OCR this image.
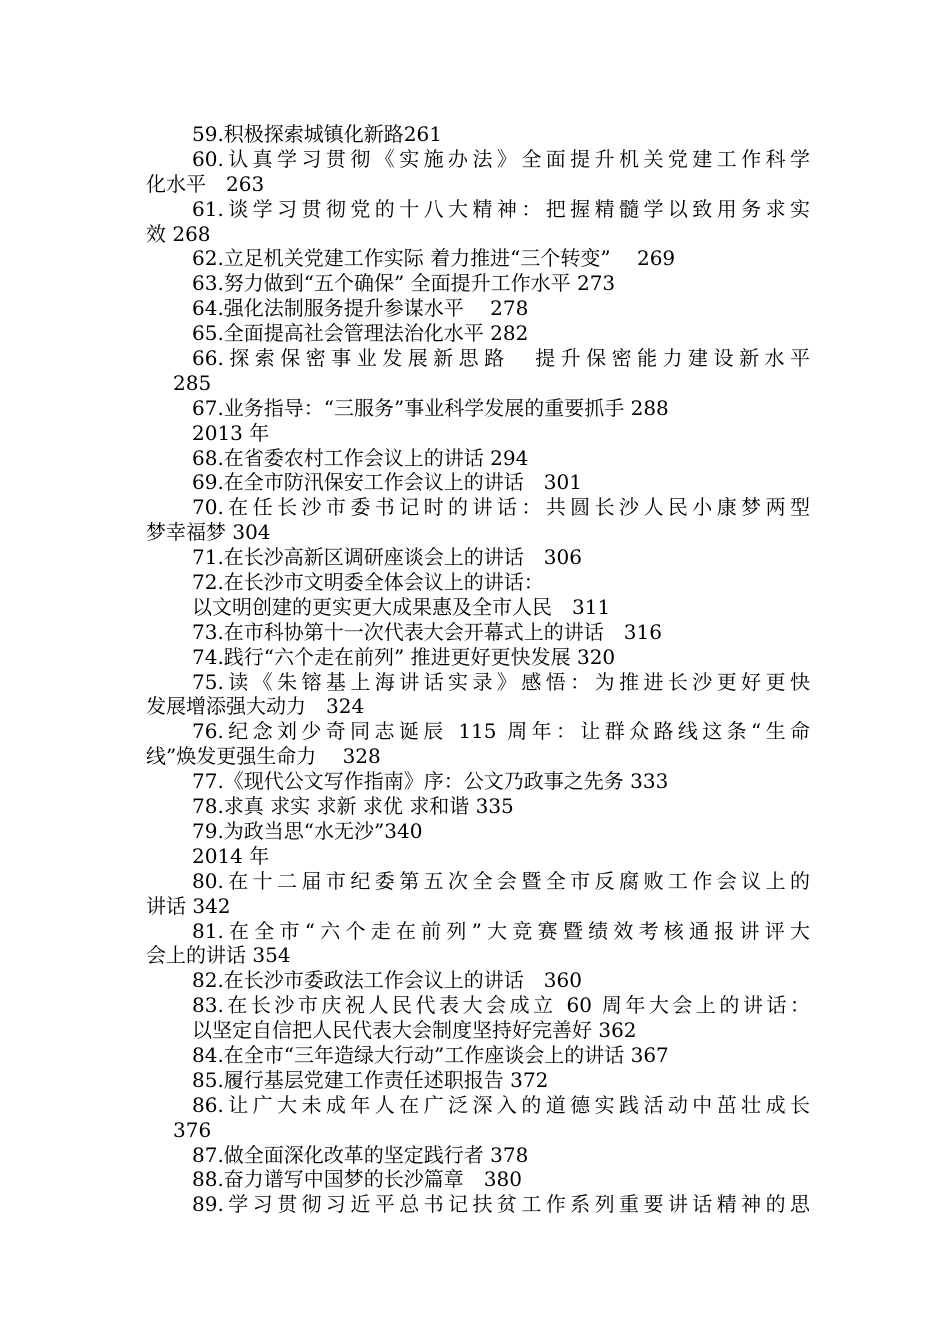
59.积极探索城镇化新路261
60.认真学习贯彻《实施办法》全面提升机关党建工作科学
化水平　263
61.谈学习贯彻党的十八大精神：把握精髓学以致用务求实
效 268
62.立足机关党建工作实际 着力推进“三个转变”　 269
63.努力做到“五个确保” 全面提升工作水平 273
64.强化法制服务提升参谋水平　 278
65.全面提高社会管理法治化水平 282
66.探索保密事业发展新思路　提升保密能力建设新水平
285
67.业务指导：“三服务”事业科学发展的重要抓手 288
2013 年
68.在省委农村工作会议上的讲话 294
69.在全市防汛保安工作会议上的讲话　301
70.在任长沙市委书记时的讲话：共圆长沙人民小康梦两型
梦幸福梦 304
71.在长沙高新区调研座谈会上的讲话　306
72.在长沙市文明委全体会议上的讲话：
以文明创建的更实更大成果惠及全市人民　311
73.在市科协第十一次代表大会开幕式上的讲话　316
74.践行“六个走在前列” 推进更好更快发展 320
75.读《朱镕基上海讲话实录》感悟：为推进长沙更好更快
发展增添强大动力　324
76.纪念刘少奇同志诞辰 115 周年：让群众路线这条“生命
线”焕发更强生命力　 328
77.《现代公文写作指南》序：公文乃政事之先务 333
78.求真 求实 求新 求优 求和谐 335
79.为政当思“水无沙”340
2014 年
80.在十二届市纪委第五次全会暨全市反腐败工作会议上的
讲话 342
81.在全市“六个走在前列”大竞赛暨绩效考核通报讲评大
会上的讲话 354
82.在长沙市委政法工作会议上的讲话　360
83.在长沙市庆祝人民代表大会成立 60 周年大会上的讲话：
以坚定自信把人民代表大会制度坚持好完善好 362
84.在全市“三年造绿大行动”工作座谈会上的讲话 367
85.履行基层党建工作责任述职报告 372
86.让广大未成年人在广泛深入的道德实践活动中茁壮成长
376
87.做全面深化改革的坚定践行者 378
88.奋力谱写中国梦的长沙篇章　380
89.学习贯彻习近平总书记扶贫工作系列重要讲话精神的思
